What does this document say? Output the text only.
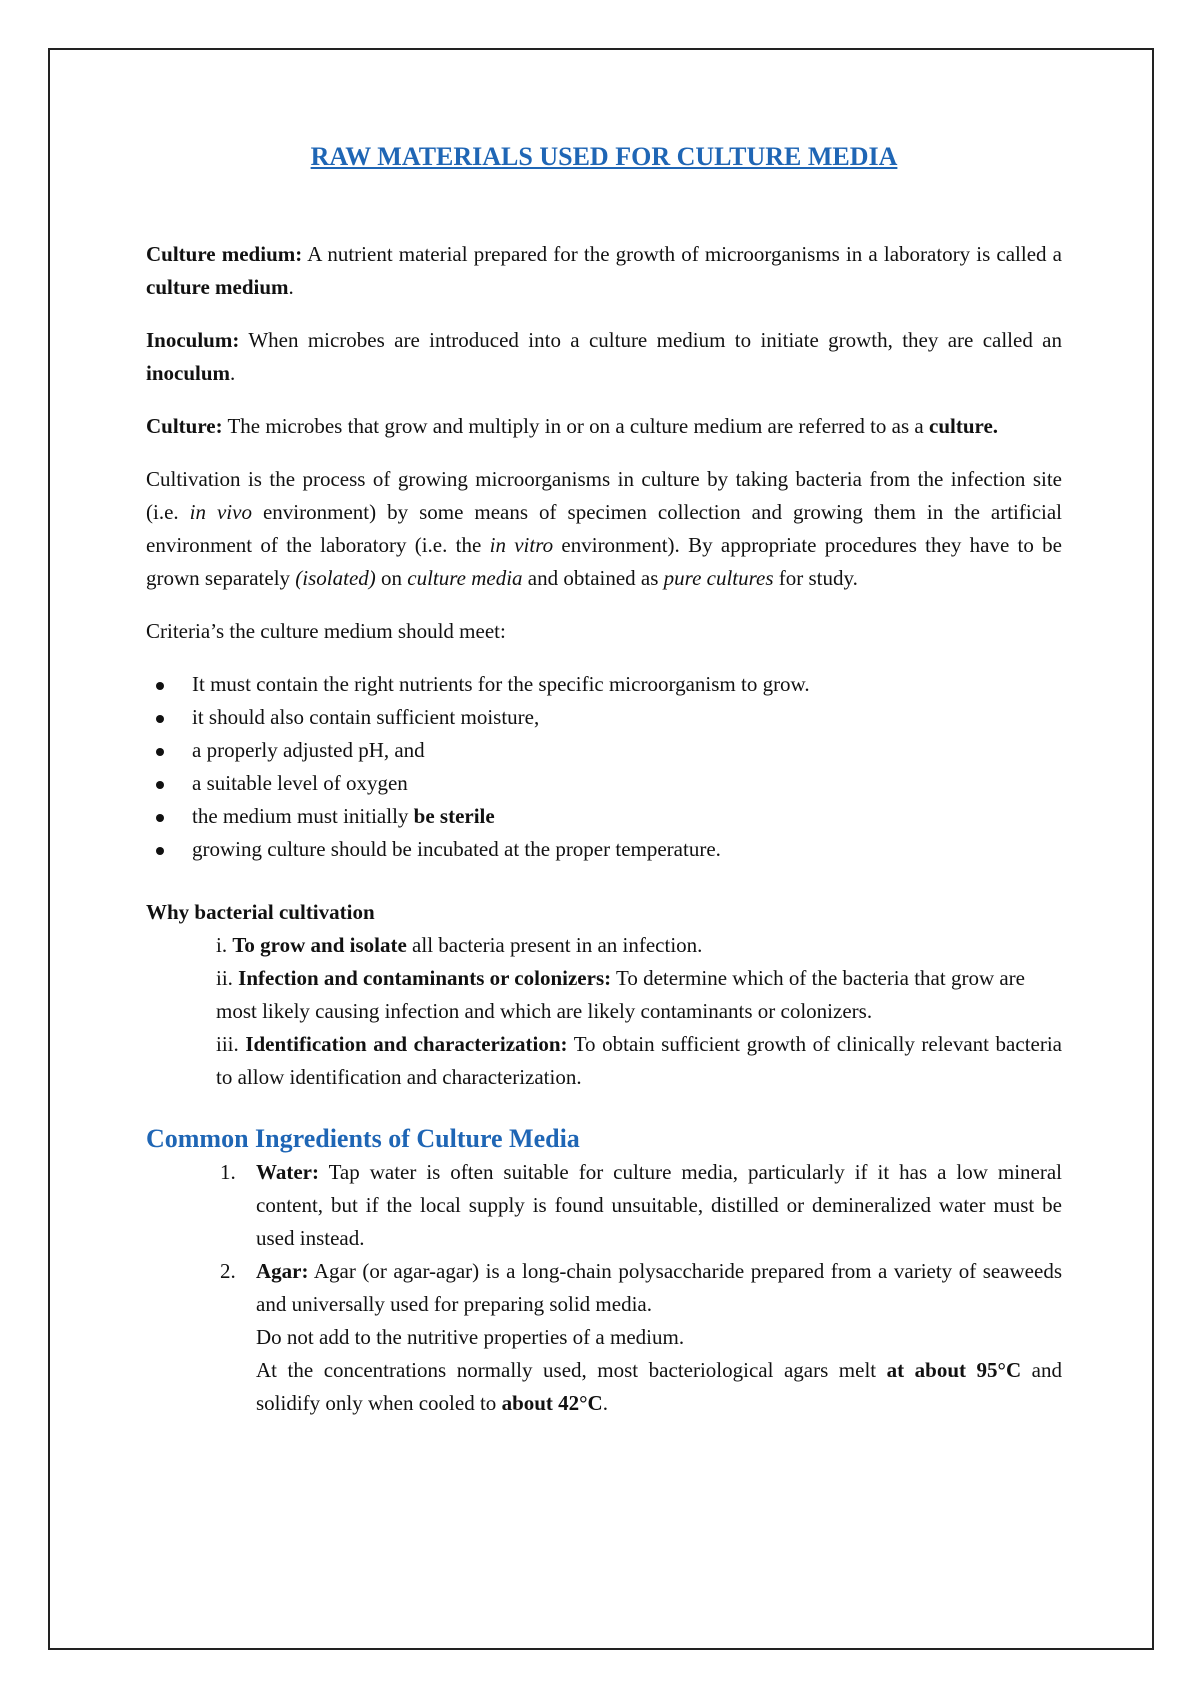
RAW MATERIALS USED FOR CULTURE MEDIA

Culture medium: A nutrient material prepared for the growth of microorganisms in a laboratory is called a culture medium.

Inoculum: When microbes are introduced into a culture medium to initiate growth, they are called an inoculum.

Culture: The microbes that grow and multiply in or on a culture medium are referred to as a culture.

Cultivation is the process of growing microorganisms in culture by taking bacteria from the infection site (i.e. in vivo environment) by some means of specimen collection and growing them in the artificial environment of the laboratory (i.e. the in vitro environment). By appropriate procedures they have to be grown separately (isolated) on culture media and obtained as pure cultures for study.

Criteria’s the culture medium should meet:

It must contain the right nutrients for the specific microorganism to grow.
it should also contain sufficient moisture,
a properly adjusted pH, and
a suitable level of oxygen
the medium must initially be sterile
growing culture should be incubated at the proper temperature.
Why bacterial cultivation
i. To grow and isolate all bacteria present in an infection.
ii. Infection and contaminants or colonizers: To determine which of the bacteria that grow are most likely causing infection and which are likely contaminants or colonizers.
iii. Identification and characterization: To obtain sufficient growth of clinically relevant bacteria to allow identification and characterization.
Common Ingredients of Culture Media
1. Water: Tap water is often suitable for culture media, particularly if it has a low mineral content, but if the local supply is found unsuitable, distilled or demineralized water must be used instead.
2. Agar: Agar (or agar-agar) is a long-chain polysaccharide prepared from a variety of seaweeds and universally used for preparing solid media.
Do not add to the nutritive properties of a medium.
At the concentrations normally used, most bacteriological agars melt at about 95°C and solidify only when cooled to about 42°C.
